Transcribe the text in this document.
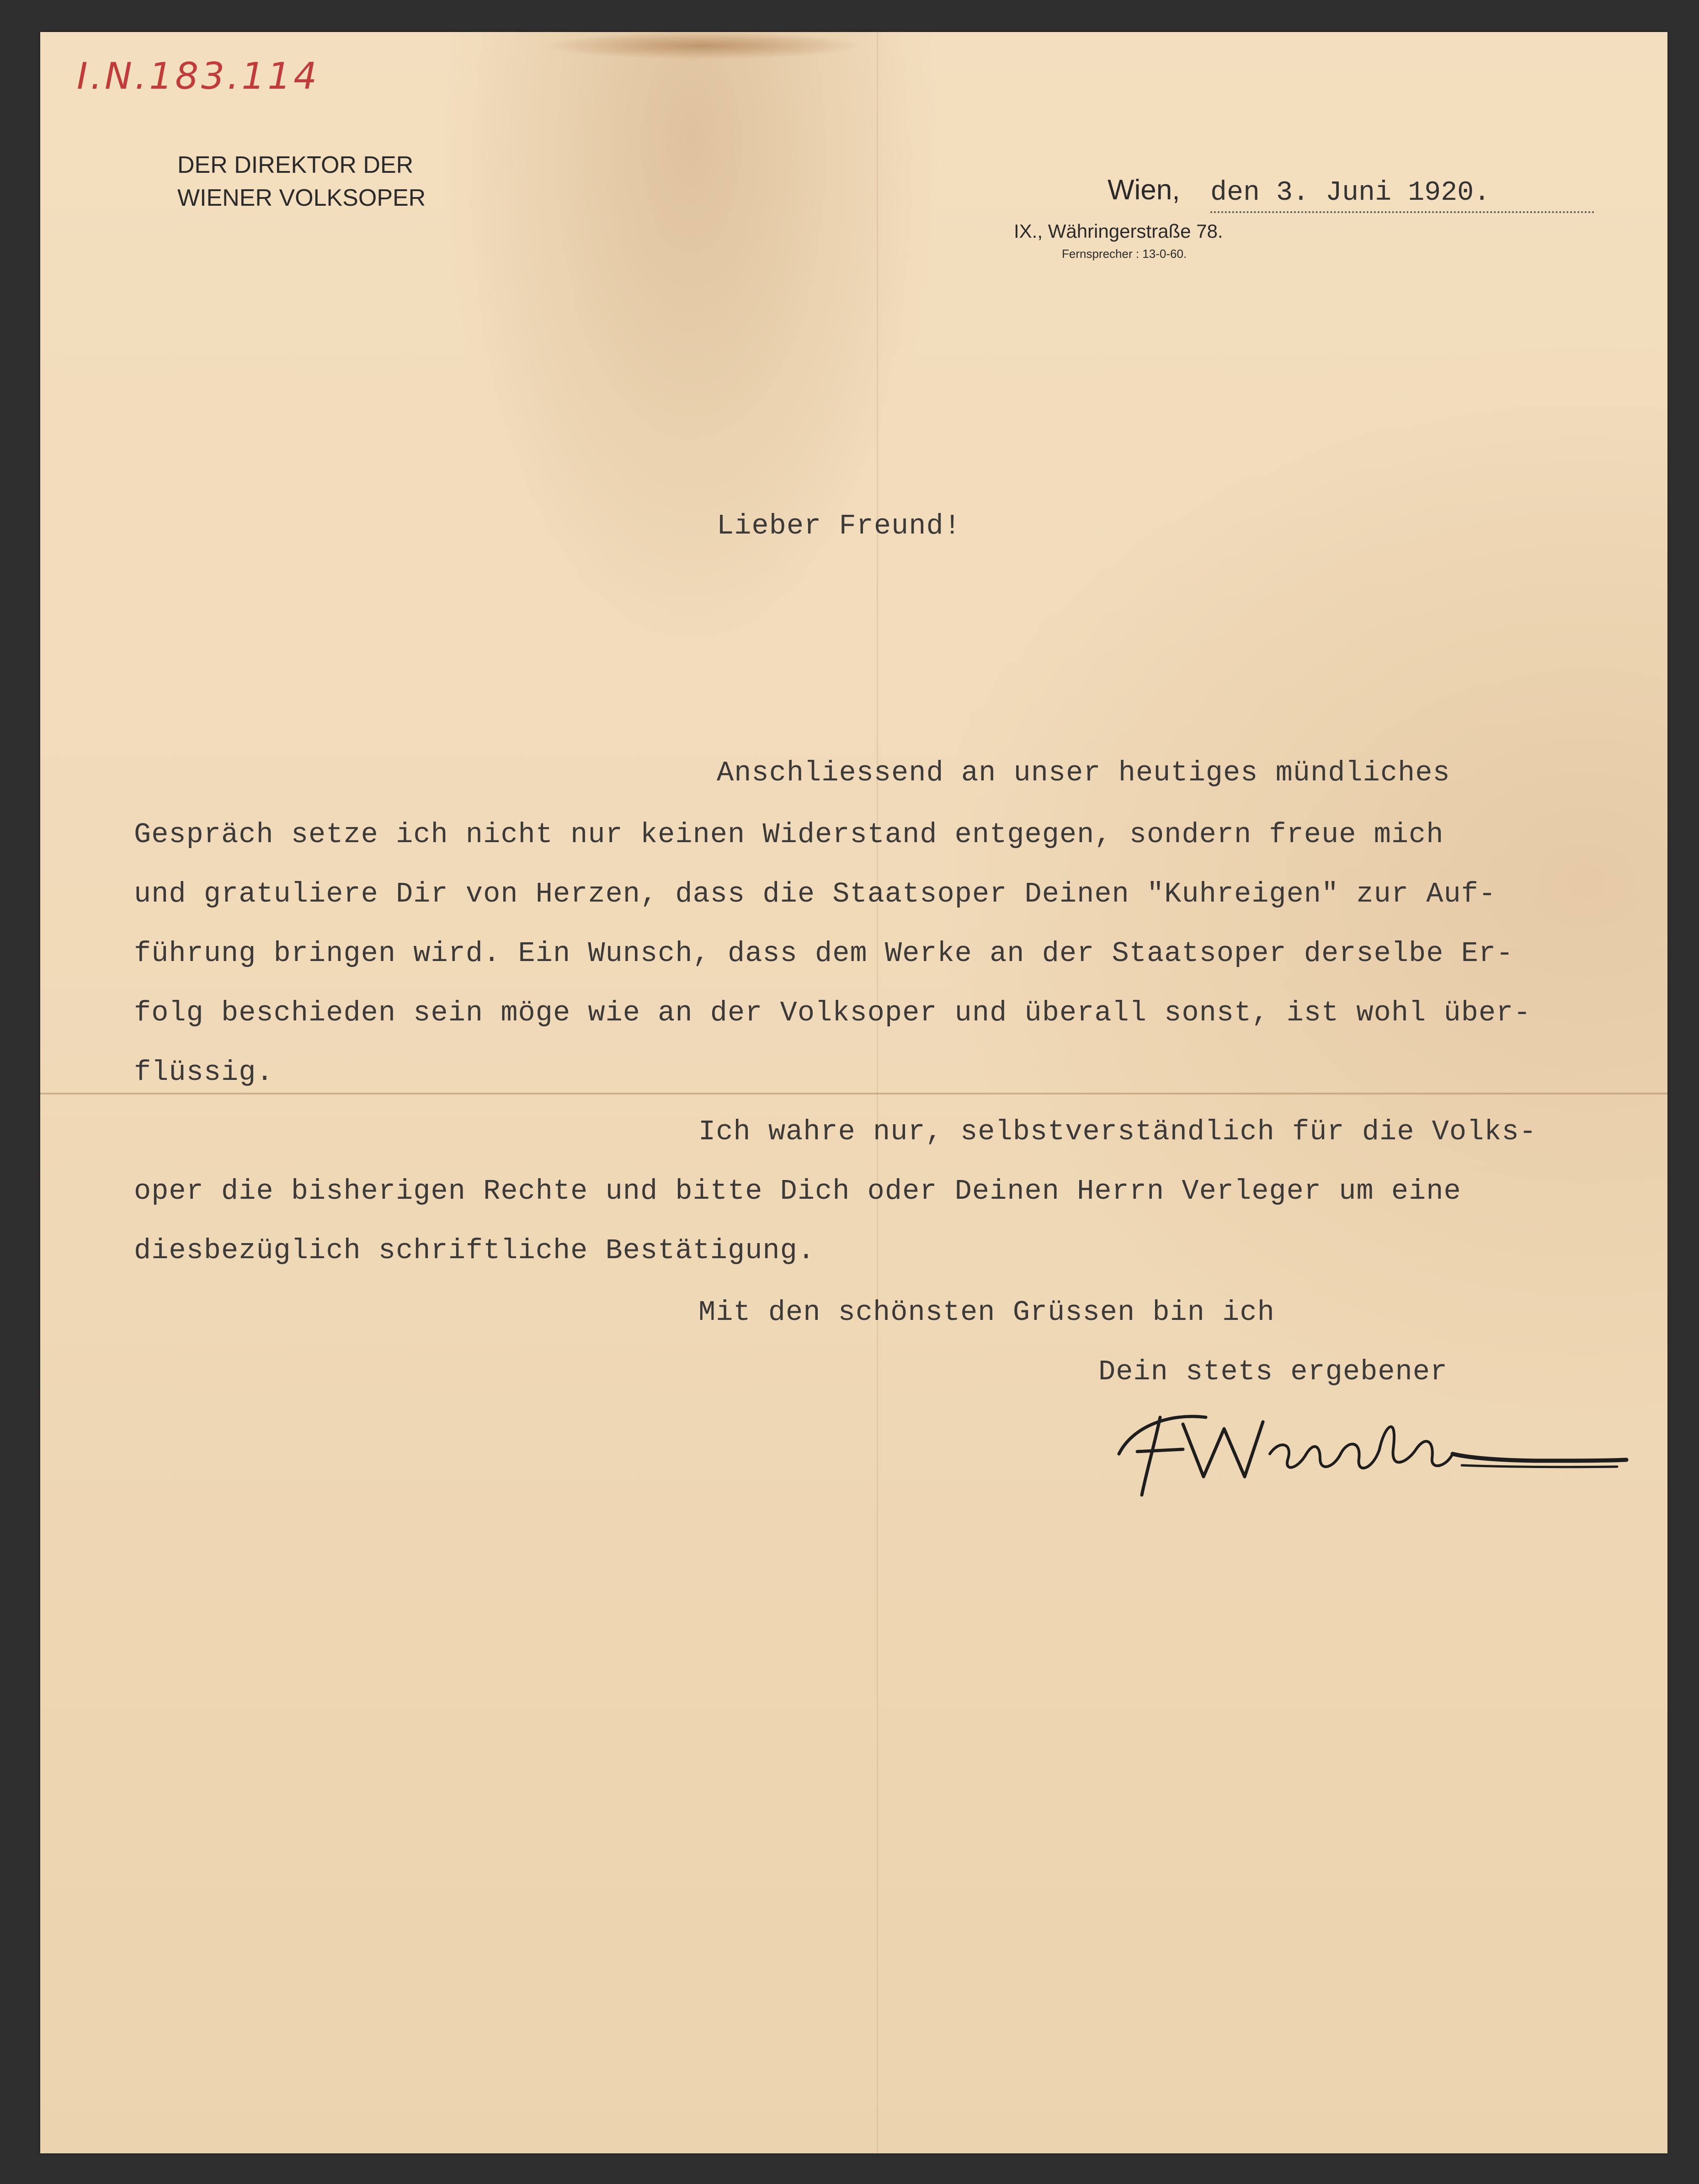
I.N.183.114
DER DIREKTOR DER
WIENER VOLKSOPER	Wien, den 3. Juni 1920.
IX., Währingerstraße 78.
Fernsprecher : 13-0-60.
Lieber Freund!
Anschliessend an unser heutiges mündliches
Gespräch setze ich nicht nur keinen Widerstand entgegen, sondern freue mich
und gratuliere Dir von Herzen, dass die Staatsoper Deinen "Kuhreigen" zur Auf-
führung bringen wird. Ein Wunsch, dass dem Werke an der Staatsoper derselbe Er-
folg beschieden sein möge wie an der Volksoper und überall sonst, ist wohl über-
flüssig.
Ich wahre nur, selbstverständlich für die Volks-
oper die bisherigen Rechte und bitte Dich oder Deinen Herrn Verleger um eine
diesbezüglich schriftliche Bestätigung.
Mit den schönsten Grüssen bin ich
Dein stets ergebener
